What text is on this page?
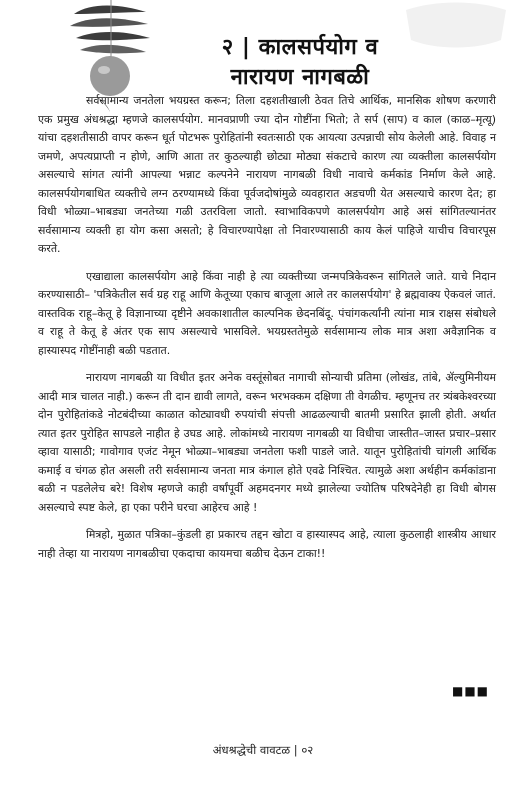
२ | कालसर्पयोग व
नारायण नागबळी

सर्वसामान्य जनतेला भयग्रस्त करून; तिला दहशतीखाली ठेवत तिचे आर्थिक, मानसिक शोषण करणारी एक प्रमुख अंधश्रद्धा म्हणजे कालसर्पयोग. मानवप्राणी ज्या दोन गोष्टींना भितो; ते सर्प (साप) व काल (काळ–मृत्यू) यांचा दहशतीसाठी वापर करून धूर्त पोटभरू पुरोहितांनी स्वतःसाठी एक आयत्या उत्पन्नाची सोय केलेली आहे. विवाह न जमणे, अपत्यप्राप्ती न होणे, आणि आता तर कुठल्याही छोट्या मोठ्या संकटाचे कारण त्या व्यक्तीला कालसर्पयोग असल्याचे सांगत त्यांनी आपल्या भन्नाट कल्पनेने नारायण नागबळी विधी नावाचे कर्मकांड निर्माण केले आहे. कालसर्पयोगबाधित व्यक्तीचे लग्न ठरण्यामध्ये किंवा पूर्वजदोषांमुळे व्यवहारात अडचणी येत असल्याचे कारण देत; हा विधी भोळ्या–भाबड्या जनतेच्या गळी उतरविला जातो. स्वाभाविकपणे कालसर्पयोग आहे असं सांगितल्यानंतर सर्वसामान्य व्यक्ती हा योग कसा असतो; हे विचारण्यापेक्षा तो निवारण्यासाठी काय केलं पाहिजे याचीच विचारपूस करते.

एखाद्याला कालसर्पयोग आहे किंवा नाही हे त्या व्यक्तीच्या जन्मपत्रिकेवरून सांगितले जाते. याचे निदान करण्यासाठी– 'पत्रिकेतील सर्व ग्रह राहू आणि केतूच्या एकाच बाजूला आले तर कालसर्पयोग' हे ब्रह्मवाक्य ऐकवलं जातं. वास्तविक राहू–केतू हे विज्ञानाच्या दृष्टीने अवकाशातील काल्पनिक छेदनबिंदू. पंचांगकर्त्यांनी त्यांना मात्र राक्षस संबोधले व राहू ते केतू हे अंतर एक साप असल्याचे भासविले. भयग्रस्ततेमुळे सर्वसामान्य लोक मात्र अशा अवैज्ञानिक व हास्यास्पद गोष्टींनाही बळी पडतात.

नारायण नागबळी या विधीत इतर अनेक वस्तूंसोबत नागाची सोन्याची प्रतिमा (लोखंड, तांबे, ॲल्युमिनीयम आदी मात्र चालत नाही.) करून ती दान द्यावी लागते, वरून भरभक्कम दक्षिणा ती वेगळीच. म्हणूनच तर त्र्यंबकेश्वरच्या दोन पुरोहितांकडे नोटबंदीच्या काळात कोट्यावधी रुपयांची संपत्ती आढळल्याची बातमी प्रसारित झाली होती. अर्थात त्यात इतर पुरोहित सापडले नाहीत हे उघड आहे. लोकांमध्ये नारायण नागबळी या विधीचा जास्तीत–जास्त प्रचार–प्रसार व्हावा यासाठी; गावोगाव एजंट नेमून भोळ्या–भाबड्या जनतेला फशी पाडले जाते. यातून पुरोहितांची चांगली आर्थिक कमाई व चंगळ होत असली तरी सर्वसामान्य जनता मात्र कंगाल होते एवढे निश्चित. त्यामुळे अशा अर्थहीन कर्मकांडाना बळी न पडलेलेच बरे! विशेष म्हणजे काही वर्षांपूर्वी अहमदनगर मध्ये झालेल्या ज्योतिष परिषदेनेही हा विधी बोगस असल्याचे स्पष्ट केले, हा एका परीने घरचा आहेरच आहे !

मित्रहो, मुळात पत्रिका–कुंडली हा प्रकारच तद्दन खोटा व हास्यास्पद आहे, त्याला कुठलाही शास्त्रीय आधार नाही तेव्हा या नारायण नागबळीचा एकदाचा कायमचा बळीच देऊन टाका!!

■■■
अंधश्रद्धेची वावटळ | ०२
